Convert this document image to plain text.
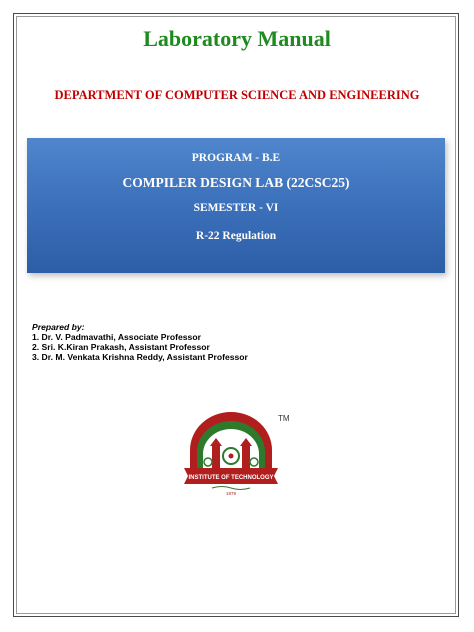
Laboratory Manual
DEPARTMENT OF COMPUTER SCIENCE AND ENGINEERING
PROGRAM - B.E
COMPILER DESIGN LAB (22CSC25)
SEMESTER - VI
R-22 Regulation
Prepared by:
1. Dr. V. Padmavathi, Associate Professor
2. Sri. K.Kiran Prakash, Assistant Professor
3. Dr. M. Venkata Krishna Reddy, Assistant Professor
INSTITUTE OF TECHNOLOGY
1979
TM
